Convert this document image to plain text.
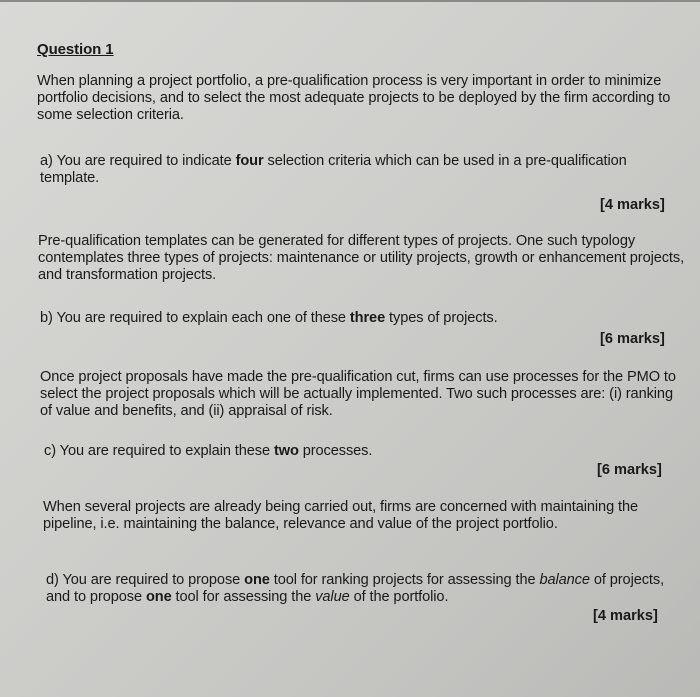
Question 1
When planning a project portfolio, a pre-qualification process is very important in order to minimize portfolio decisions, and to select the most adequate projects to be deployed by the firm according to some selection criteria.
a) You are required to indicate four selection criteria which can be used in a pre-qualification template.
[4 marks]
Pre-qualification templates can be generated for different types of projects. One such typology contemplates three types of projects: maintenance or utility projects, growth or enhancement projects, and transformation projects.
b) You are required to explain each one of these three types of projects.
[6 marks]
Once project proposals have made the pre-qualification cut, firms can use processes for the PMO to select the project proposals which will be actually implemented. Two such processes are: (i) ranking of value and benefits, and (ii) appraisal of risk.
c) You are required to explain these two processes.
[6 marks]
When several projects are already being carried out, firms are concerned with maintaining the pipeline, i.e. maintaining the balance, relevance and value of the project portfolio.
d) You are required to propose one tool for ranking projects for assessing the balance of projects, and to propose one tool for assessing the value of the portfolio.
[4 marks]
